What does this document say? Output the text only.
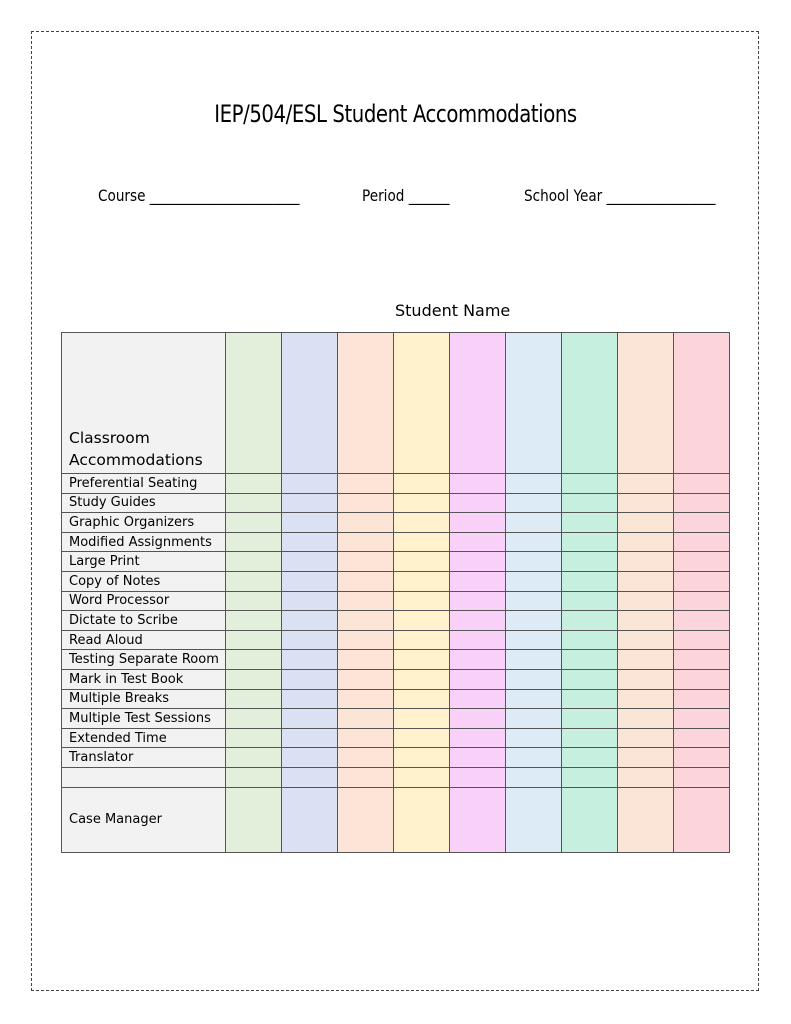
IEP/504/ESL Student Accommodations
Course ______________________	Period ______	School Year ________________
Student Name
Classroom Accommodations									
Preferential Seating									
Study Guides									
Graphic Organizers									
Modified Assignments									
Large Print									
Copy of Notes									
Word Processor									
Dictate to Scribe									
Read Aloud									
Testing Separate Room									
Mark in Test Book									
Multiple Breaks									
Multiple Test Sessions									
Extended Time									
Translator									

Case Manager									
